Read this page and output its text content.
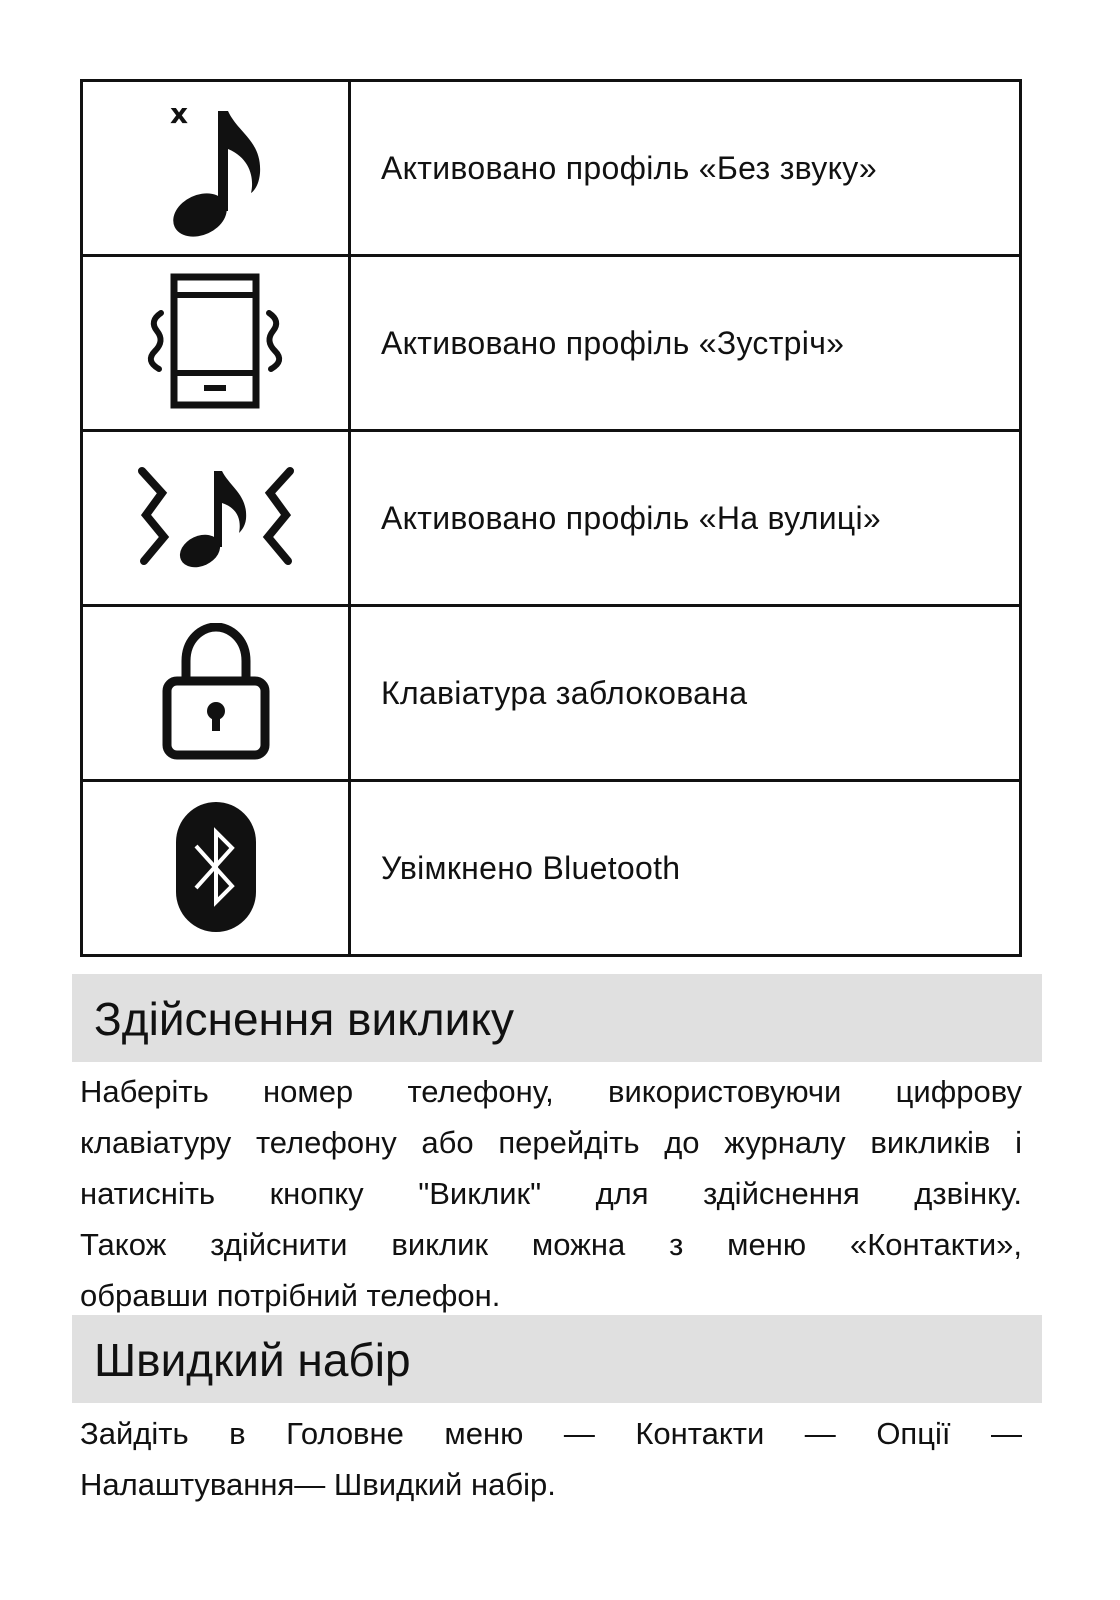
x	Активовано профіль «Без звуку»

	Активовано профіль «Зустріч»

	Активовано профіль «На вулиці»

	Клавіатура заблокована

	Увімкнено Bluetooth
Здійснення виклику

Наберіть номер телефону, використовуючи цифрову
клавіатуру телефону або перейдіть до журналу викликів і
натисніть кнопку "Виклик" для здійснення дзвінку.
Також здійснити виклик можна з меню «Контакти»,
обравши потрібний телефон.

Швидкий набір

Зайдіть в Головне меню — Контакти — Опції —
Налаштування— Швидкий набір.
